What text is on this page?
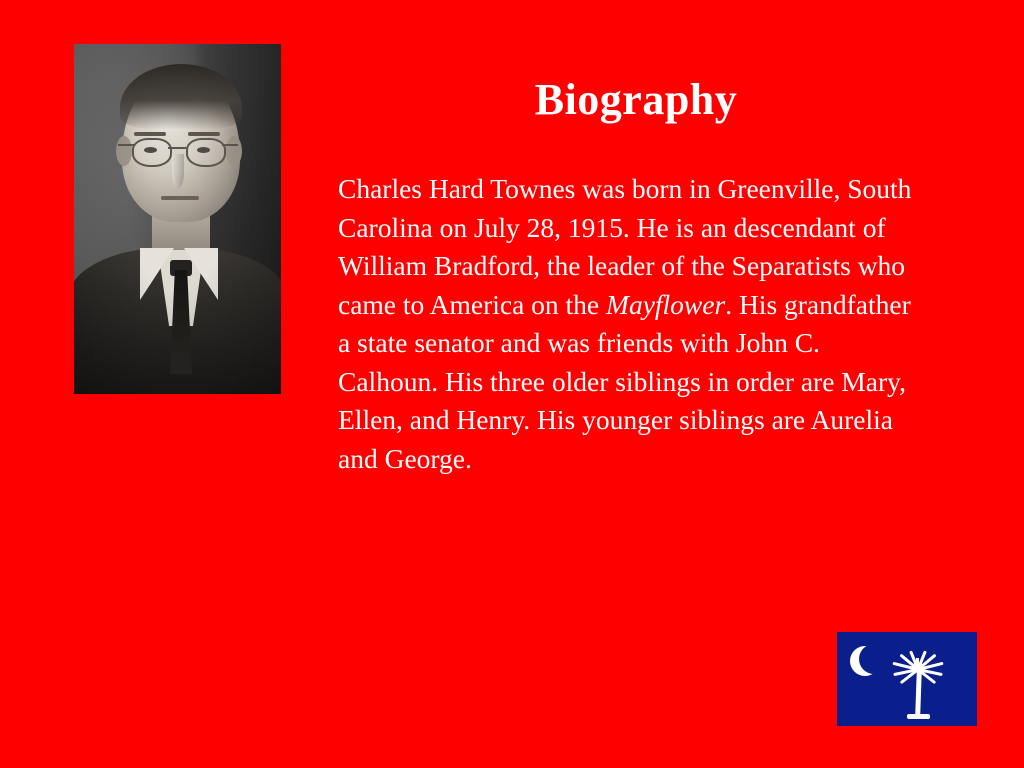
Biography
Charles Hard Townes was born in Greenville, South Carolina on July 28, 1915. He is an descendant of William Bradford, the leader of the Separatists who came to America on the Mayflower. His grandfather a state senator and was friends with John C. Calhoun. His three older siblings in order are Mary, Ellen, and Henry. His younger siblings are Aurelia and George.
